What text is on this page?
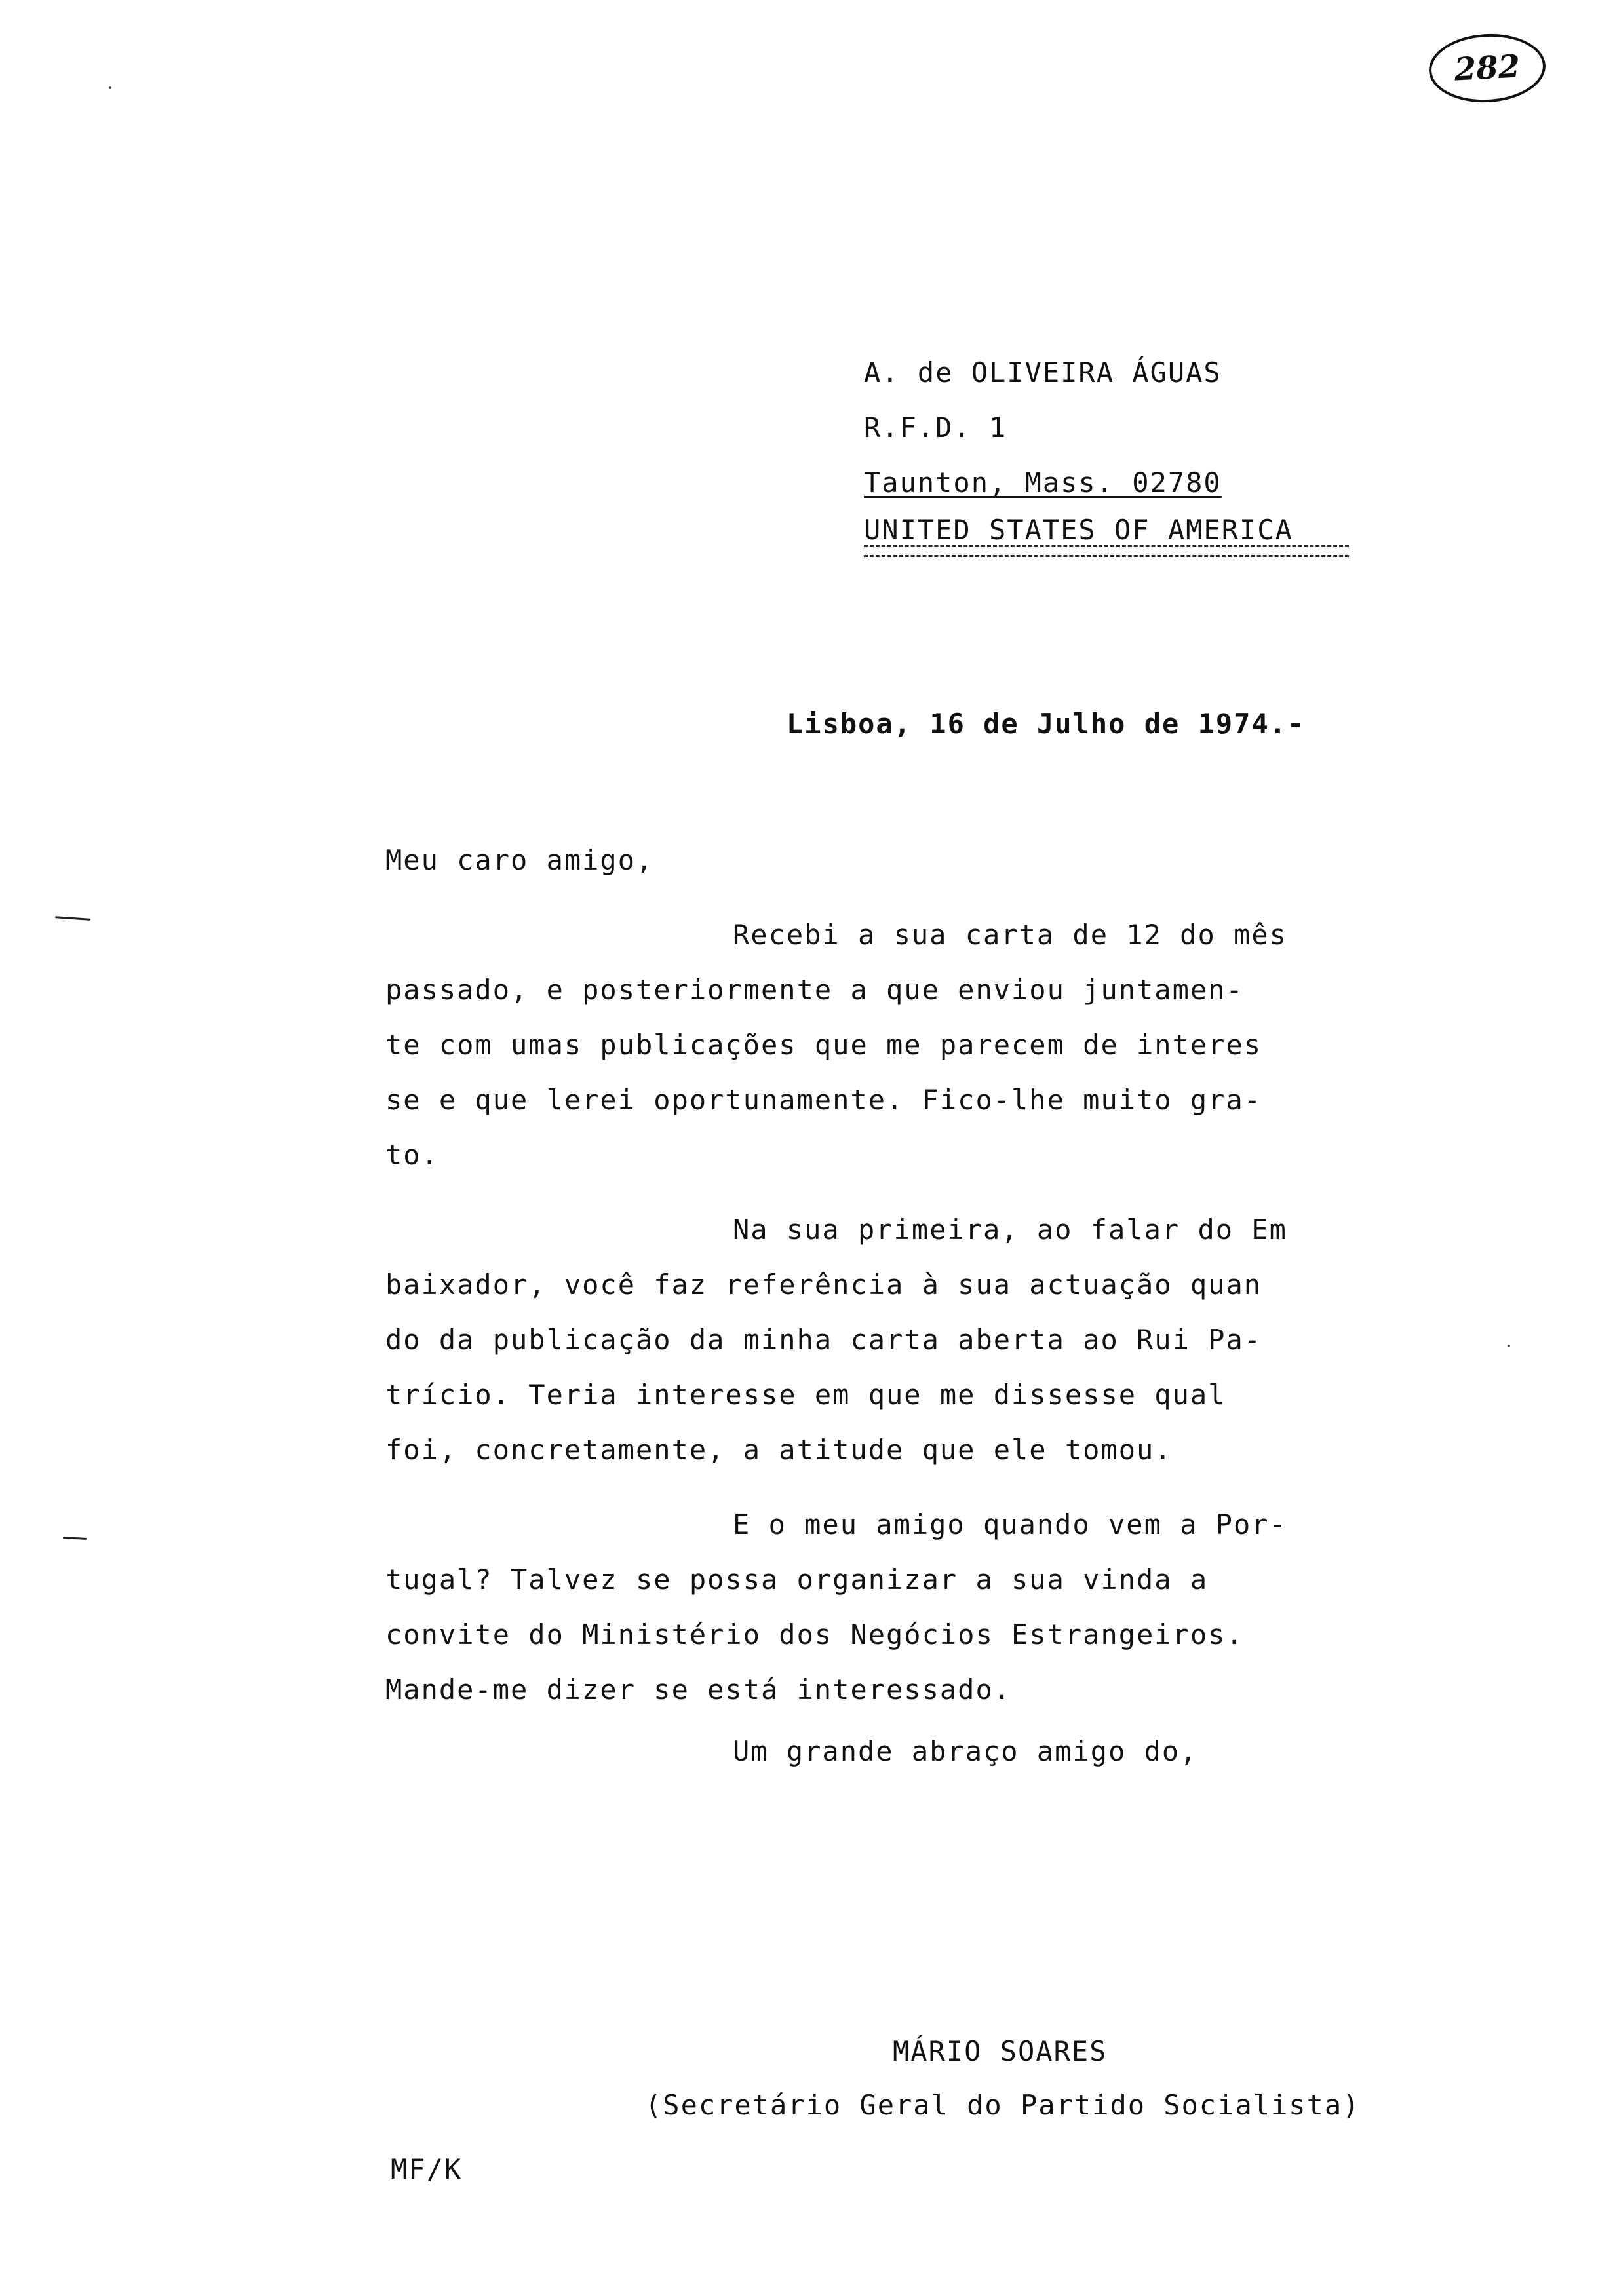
282
A. de OLIVEIRA ÁGUAS
R.F.D. 1
Taunton, Mass. 02780
UNITED STATES OF AMERICA
Lisboa, 16 de Julho de 1974.-
Meu caro amigo,
Recebi a sua carta de 12 do mês
passado, e posteriormente a que enviou juntamen-
te com umas publicações que me parecem de interes
se e que lerei oportunamente. Fico-lhe muito gra-
to.
Na sua primeira, ao falar do Em
baixador, você faz referência à sua actuação quan
do da publicação da minha carta aberta ao Rui Pa-
trício. Teria interesse em que me dissesse qual
foi, concretamente, a atitude que ele tomou.
E o meu amigo quando vem a Por-
tugal? Talvez se possa organizar a sua vinda a
convite do Ministério dos Negócios Estrangeiros.
Mande-me dizer se está interessado.
Um grande abraço amigo do,
MÁRIO SOARES
(Secretário Geral do Partido Socialista)
MF/K
